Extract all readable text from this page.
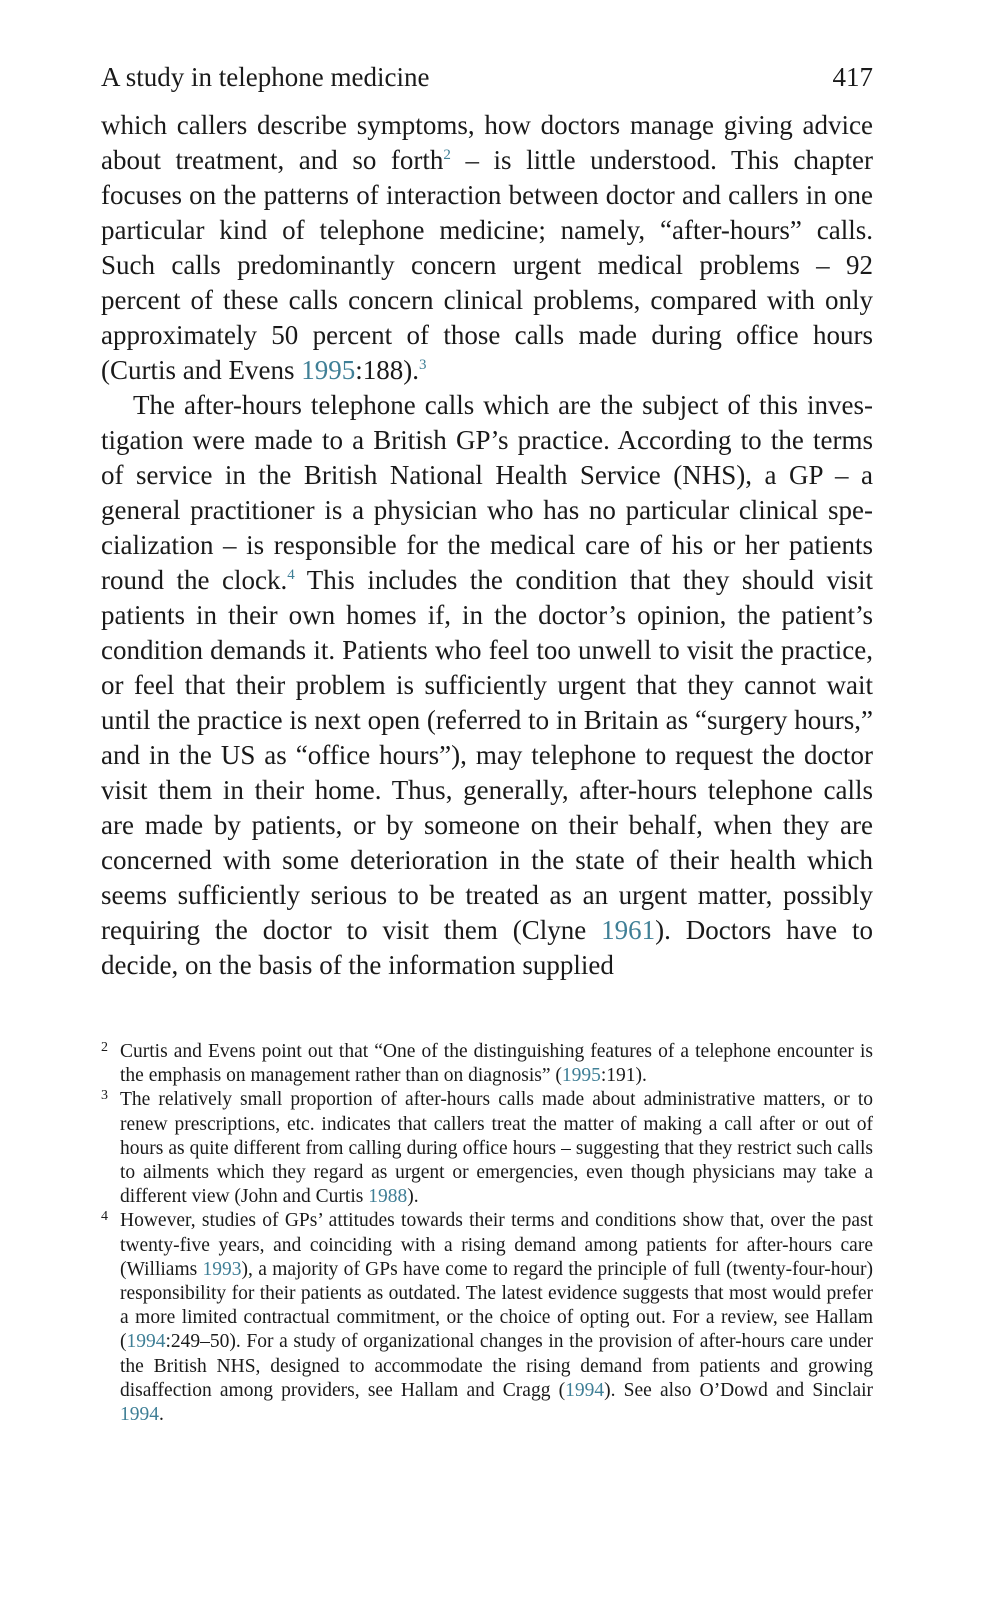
A study in telephone medicine	417

which callers describe symptoms, how doctors manage giving advice about treatment, and so forth$^2$ – is little understood. This chapter focuses on the patterns of interaction between doctor and callers in one particular kind of telephone medicine; namely, “after-hours” calls. Such calls predominantly concern urgent medical problems – 92 percent of these calls concern clinical problems, compared with only approximately 50 percent of those calls made during office hours (Curtis and Evens 1995:188).$^3$

The after-hours telephone calls which are the subject of this investigation were made to a British GP’s practice. According to the terms of service in the British National Health Service (NHS), a GP – a general practitioner is a physician who has no particular clinical specialization – is responsible for the medical care of his or her patients round the clock.$^4$ This includes the condition that they should visit patients in their own homes if, in the doctor’s opinion, the patient’s condition demands it. Patients who feel too unwell to visit the practice, or feel that their problem is sufficiently urgent that they cannot wait until the practice is next open (referred to in Britain as “surgery hours,” and in the US as “office hours”), may telephone to request the doctor visit them in their home. Thus, generally, after-hours telephone calls are made by patients, or by someone on their behalf, when they are concerned with some deterioration in the state of their health which seems sufficiently serious to be treated as an urgent matter, possibly requiring the doctor to visit them (Clyne 1961). Doctors have to decide, on the basis of the information supplied

2 Curtis and Evens point out that “One of the distinguishing features of a telephone encounter is the emphasis on management rather than on diagnosis” (1995:191).
3 The relatively small proportion of after-hours calls made about administrative matters, or to renew prescriptions, etc. indicates that callers treat the matter of making a call after or out of hours as quite different from calling during office hours – suggesting that they restrict such calls to ailments which they regard as urgent or emergencies, even though physicians may take a different view (John and Curtis 1988).
4 However, studies of GPs’ attitudes towards their terms and conditions show that, over the past twenty-five years, and coinciding with a rising demand among patients for after-hours care (Williams 1993), a majority of GPs have come to regard the principle of full (twenty-four-hour) responsibility for their patients as outdated. The latest evidence suggests that most would prefer a more limited contractual commitment, or the choice of opting out. For a review, see Hallam (1994:249–50). For a study of organizational changes in the provision of after-hours care under the British NHS, designed to accommodate the rising demand from patients and growing disaffection among providers, see Hallam and Cragg (1994). See also O’Dowd and Sinclair 1994.
